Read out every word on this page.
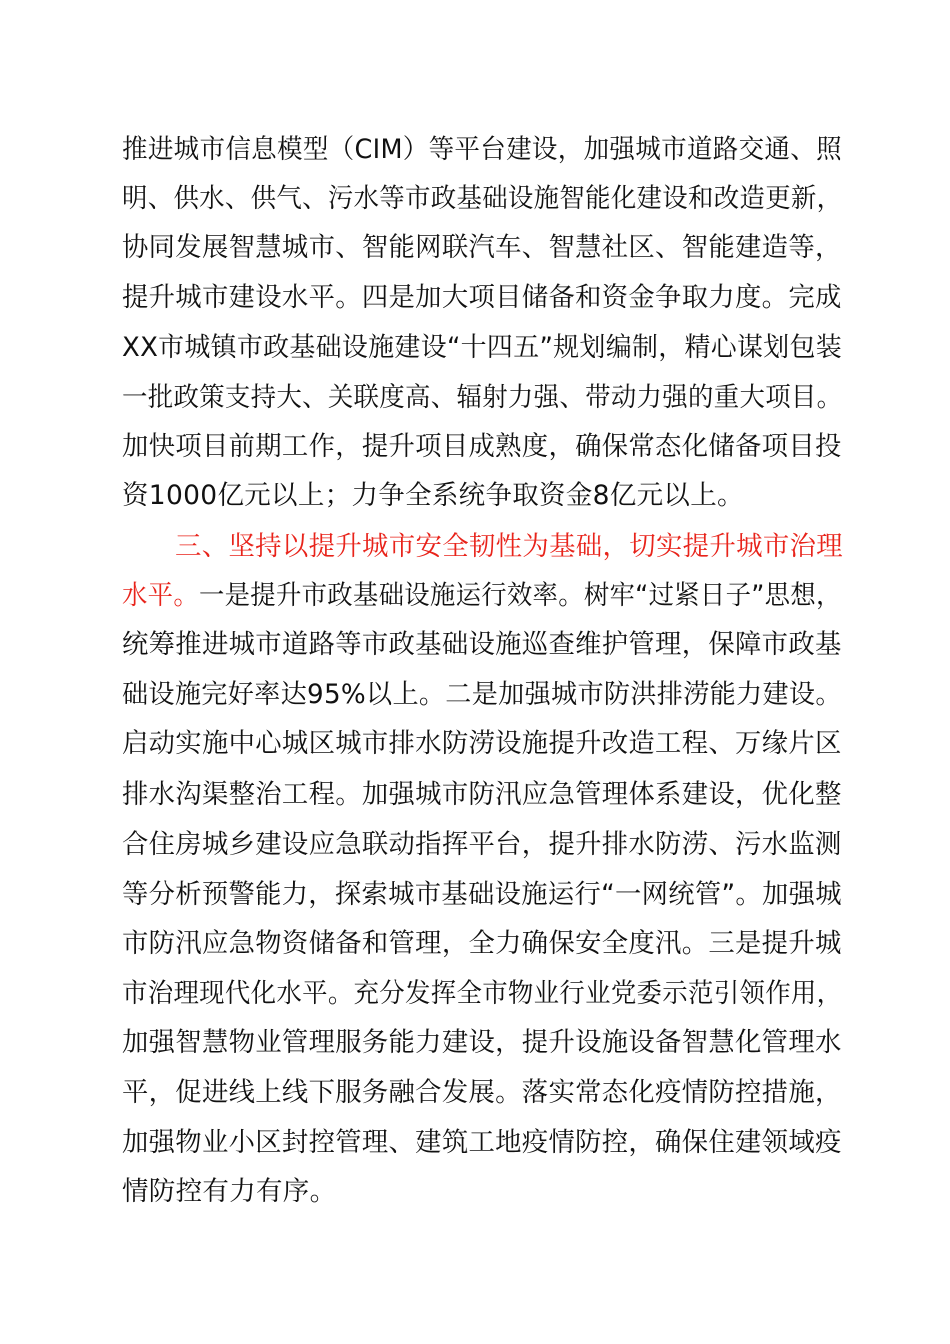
推进城市信息模型（CIM）等平台建设，加强城市道路交通、照
明、供水、供气、污水等市政基础设施智能化建设和改造更新，
协同发展智慧城市、智能网联汽车、智慧社区、智能建造等，
提升城市建设水平。四是加大项目储备和资金争取力度。完成
XX市城镇市政基础设施建设“十四五”规划编制，精心谋划包装
一批政策支持大、关联度高、辐射力强、带动力强的重大项目。
加快项目前期工作，提升项目成熟度，确保常态化储备项目投
资1000亿元以上；力争全系统争取资金8亿元以上。
三、坚持以提升城市安全韧性为基础，切实提升城市治理
水平。一是提升市政基础设施运行效率。树牢“过紧日子”思想，
统筹推进城市道路等市政基础设施巡查维护管理，保障市政基
础设施完好率达95%以上。二是加强城市防洪排涝能力建设。
启动实施中心城区城市排水防涝设施提升改造工程、万缘片区
排水沟渠整治工程。加强城市防汛应急管理体系建设，优化整
合住房城乡建设应急联动指挥平台，提升排水防涝、污水监测
等分析预警能力，探索城市基础设施运行“一网统管”。加强城
市防汛应急物资储备和管理，全力确保安全度汛。三是提升城
市治理现代化水平。充分发挥全市物业行业党委示范引领作用，
加强智慧物业管理服务能力建设，提升设施设备智慧化管理水
平，促进线上线下服务融合发展。落实常态化疫情防控措施，
加强物业小区封控管理、建筑工地疫情防控，确保住建领域疫
情防控有力有序。
